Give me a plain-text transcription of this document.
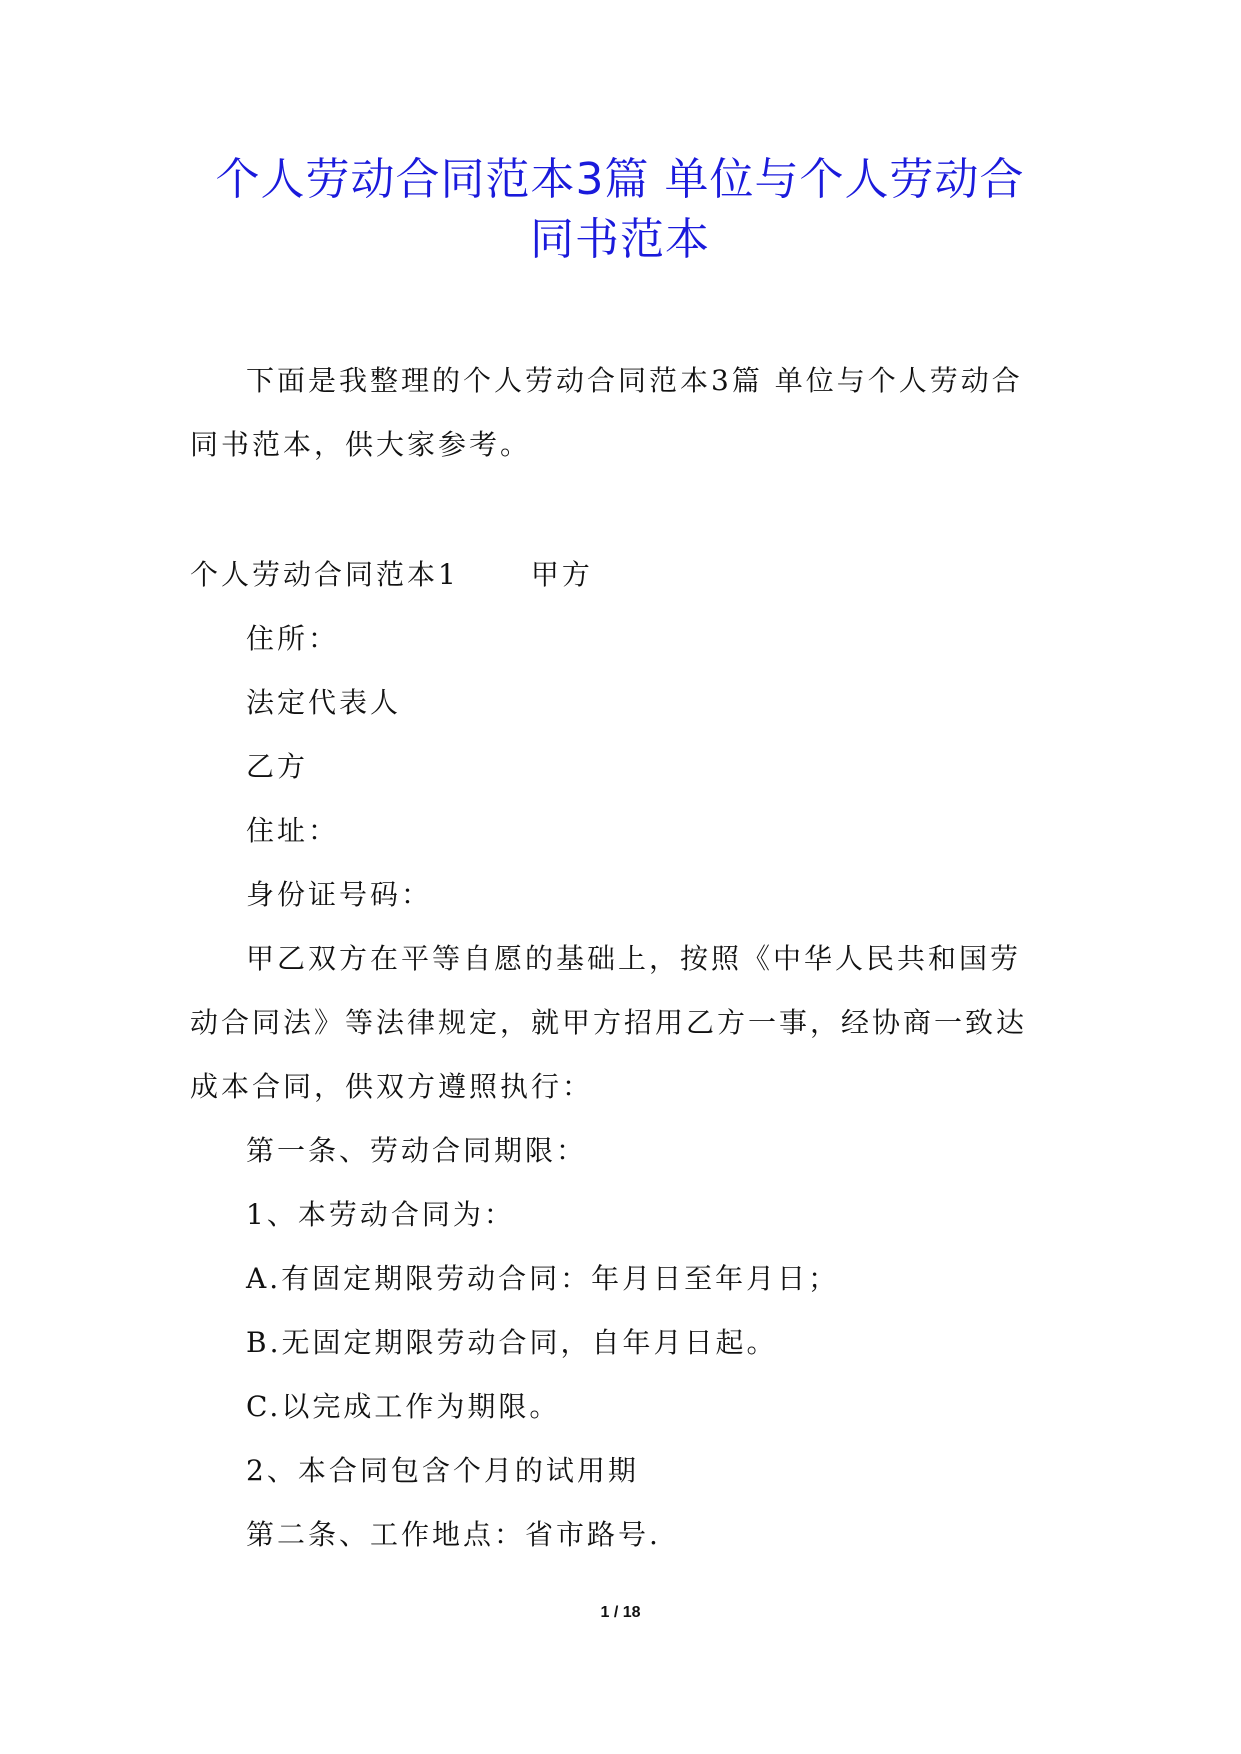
个人劳动合同范本3篇 单位与个人劳动合
同书范本
下面是我整理的个人劳动合同范本3篇 单位与个人劳动合同书范本，供大家参考。
个人劳动合同范本1	甲方
住所：
法定代表人
乙方
住址：
身份证号码：
甲乙双方在平等自愿的基础上，按照《中华人民共和国劳动合同法》等法律规定，就甲方招用乙方一事，经协商一致达成本合同，供双方遵照执行：
第一条、劳动合同期限：
1、本劳动合同为：
A.有固定期限劳动合同：年月日至年月日；
B.无固定期限劳动合同，自年月日起。
C.以完成工作为期限。
2、本合同包含个月的试用期
第二条、工作地点：省市路号.
1 / 18
